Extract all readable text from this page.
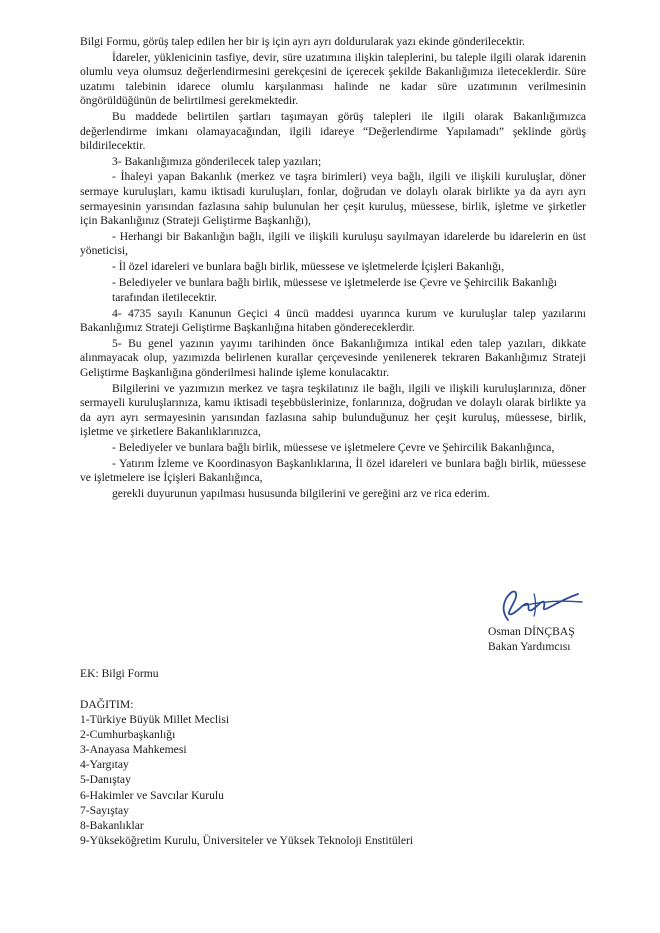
Bilgi Formu, görüş talep edilen her bir iş için ayrı ayrı doldurularak yazı ekinde gönderilecektir.

İdareler, yüklenicinin tasfiye, devir, süre uzatımına ilişkin taleplerini, bu taleple ilgili olarak idarenin olumlu veya olumsuz değerlendirmesini gerekçesini de içerecek şekilde Bakanlığımıza ileteceklerdir. Süre uzatımı talebinin idarece olumlu karşılanması halinde ne kadar süre uzatımının verilmesinin öngörüldüğünün de belirtilmesi gerekmektedir.

Bu maddede belirtilen şartları taşımayan görüş talepleri ile ilgili olarak Bakanlığımızca değerlendirme imkanı olamayacağından, ilgili idareye “Değerlendirme Yapılamadı” şeklinde görüş bildirilecektir.

3- Bakanlığımıza gönderilecek talep yazıları;

- İhaleyi yapan Bakanlık (merkez ve taşra birimleri) veya bağlı, ilgili ve ilişkili kuruluşlar, döner sermaye kuruluşları, kamu iktisadi kuruluşları, fonlar, doğrudan ve dolaylı olarak birlikte ya da ayrı ayrı sermayesinin yarısından fazlasına sahip bulunulan her çeşit kuruluş, müessese, birlik, işletme ve şirketler için Bakanlığınız (Strateji Geliştirme Başkanlığı),

- Herhangi bir Bakanlığın bağlı, ilgili ve ilişkili kuruluşu sayılmayan idarelerde bu idarelerin en üst yöneticisi,

- İl özel idareleri ve bunlara bağlı birlik, müessese ve işletmelerde İçişleri Bakanlığı,

- Belediyeler ve bunlara bağlı birlik, müessese ve işletmelerde ise Çevre ve Şehircilik Bakanlığı

tarafından iletilecektir.

4- 4735 sayılı Kanunun Geçici 4 üncü maddesi uyarınca kurum ve kuruluşlar talep yazılarını Bakanlığımız Strateji Geliştirme Başkanlığına hitaben göndereceklerdir.

5- Bu genel yazının yayımı tarihinden önce Bakanlığımıza intikal eden talep yazıları, dikkate alınmayacak olup, yazımızda belirlenen kurallar çerçevesinde yenilenerek tekraren Bakanlığımız Strateji Geliştirme Başkanlığına gönderilmesi halinde işleme konulacaktır.

Bilgilerini ve yazımızın merkez ve taşra teşkilatınız ile bağlı, ilgili ve ilişkili kuruluşlarınıza, döner sermayeli kuruluşlarınıza, kamu iktisadi teşebbüslerinize, fonlarınıza, doğrudan ve dolaylı olarak birlikte ya da ayrı ayrı sermayesinin yarısından fazlasına sahip bulunduğunuz her çeşit kuruluş, müessese, birlik, işletme ve şirketlere Bakanlıklarınızca,

- Belediyeler ve bunlara bağlı birlik, müessese ve işletmelere Çevre ve Şehircilik Bakanlığınca,

- Yatırım İzleme ve Koordinasyon Başkanlıklarına, İl özel idareleri ve bunlara bağlı birlik, müessese ve işletmelere ise İçişleri Bakanlığınca,

gerekli duyurunun yapılması hususunda bilgilerini ve gereğini arz ve rica ederim.

Osman DİNÇBAŞ
Bakan Yardımcısı
EK: Bilgi Formu

DAĞITIM:

1-Türkiye Büyük Millet Meclisi
2-Cumhurbaşkanlığı
3-Anayasa Mahkemesi
4-Yargıtay
5-Danıştay
6-Hakimler ve Savcılar Kurulu
7-Sayıştay
8-Bakanlıklar
9-Yükseköğretim Kurulu, Üniversiteler ve Yüksek Teknoloji Enstitüleri
